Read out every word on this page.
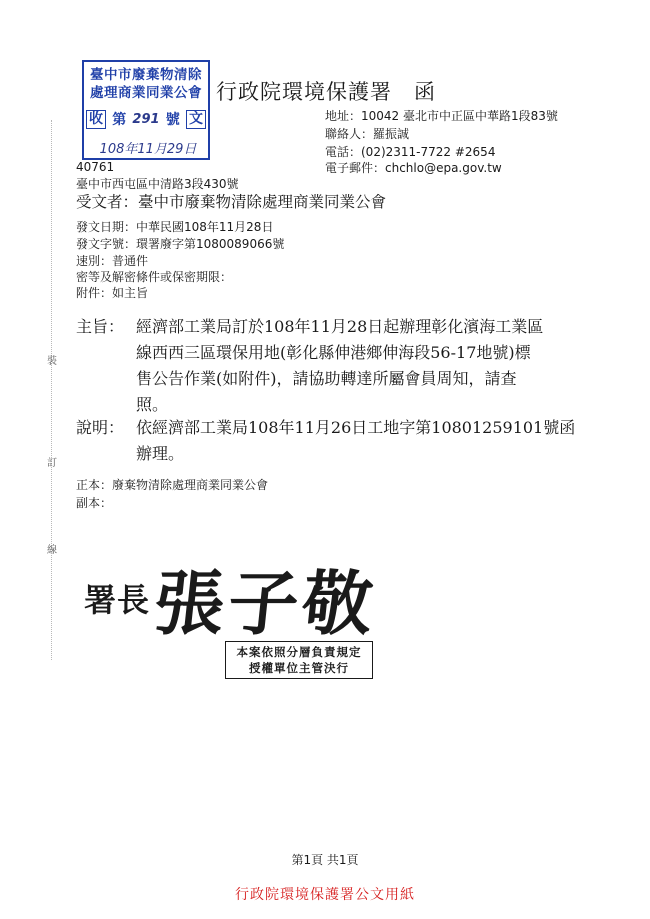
臺中市廢棄物清除
處理商業同業公會
收 第 291 號 文
108年11月29日
行政院環境保護署　函
地址：10042 臺北市中正區中華路1段83號
聯絡人：羅振誠
電話：(02)2311-7722 #2654
電子郵件：chchlo@epa.gov.tw
40761
臺中市西屯區中清路3段430號
受文者：臺中市廢棄物清除處理商業同業公會
發文日期：中華民國108年11月28日
發文字號：環署廢字第1080089066號
速別：普通件
密等及解密條件或保密期限：
附件：如主旨
主旨： 經濟部工業局訂於108年11月28日起辦理彰化濱海工業區
線西西三區環保用地(彰化縣伸港鄉伸海段56-17地號)標
售公告作業(如附件)，請協助轉達所屬會員周知，請查
照。
說明： 依經濟部工業局108年11月26日工地字第10801259101號函
辦理。
正本：廢棄物清除處理商業同業公會
副本：
裝
訂
線
署長 張子敬
本案依照分層負責規定
授權單位主管決行
第1頁 共1頁
行政院環境保護署公文用紙
